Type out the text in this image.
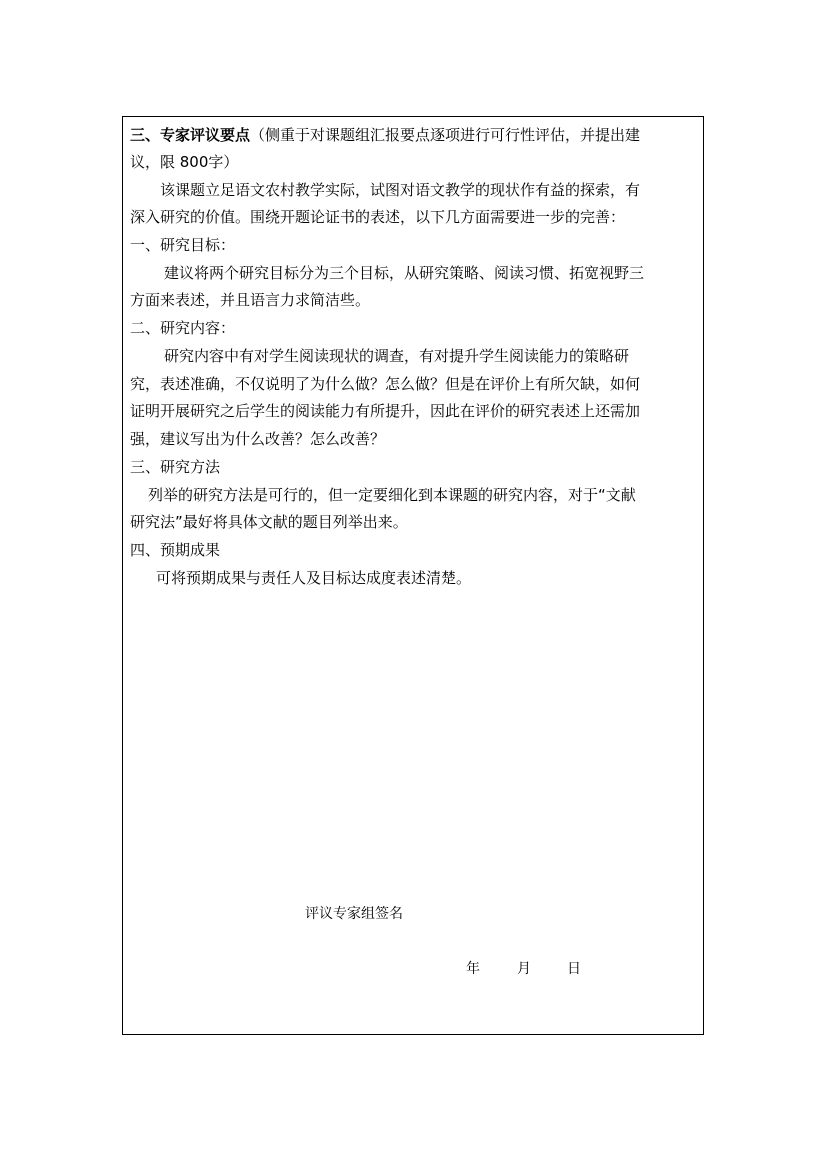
三、专家评议要点（侧重于对课题组汇报要点逐项进行可行性评估，并提出建
议，限 800字）
该课题立足语文农村教学实际，试图对语文教学的现状作有益的探索，有
深入研究的价值。围绕开题论证书的表述，以下几方面需要进一步的完善：
一、研究目标：
建议将两个研究目标分为三个目标，从研究策略、阅读习惯、拓宽视野三
方面来表述，并且语言力求简洁些。
二、研究内容：
研究内容中有对学生阅读现状的调查，有对提升学生阅读能力的策略研
究，表述准确，不仅说明了为什么做？怎么做？但是在评价上有所欠缺，如何
证明开展研究之后学生的阅读能力有所提升，因此在评价的研究表述上还需加
强，建议写出为什么改善？怎么改善？
三、研究方法
列举的研究方法是可行的，但一定要细化到本课题的研究内容，对于“文献
研究法”最好将具体文献的题目列举出来。
四、预期成果
可将预期成果与责任人及目标达成度表述清楚。
评议专家组签名
年	月	日
